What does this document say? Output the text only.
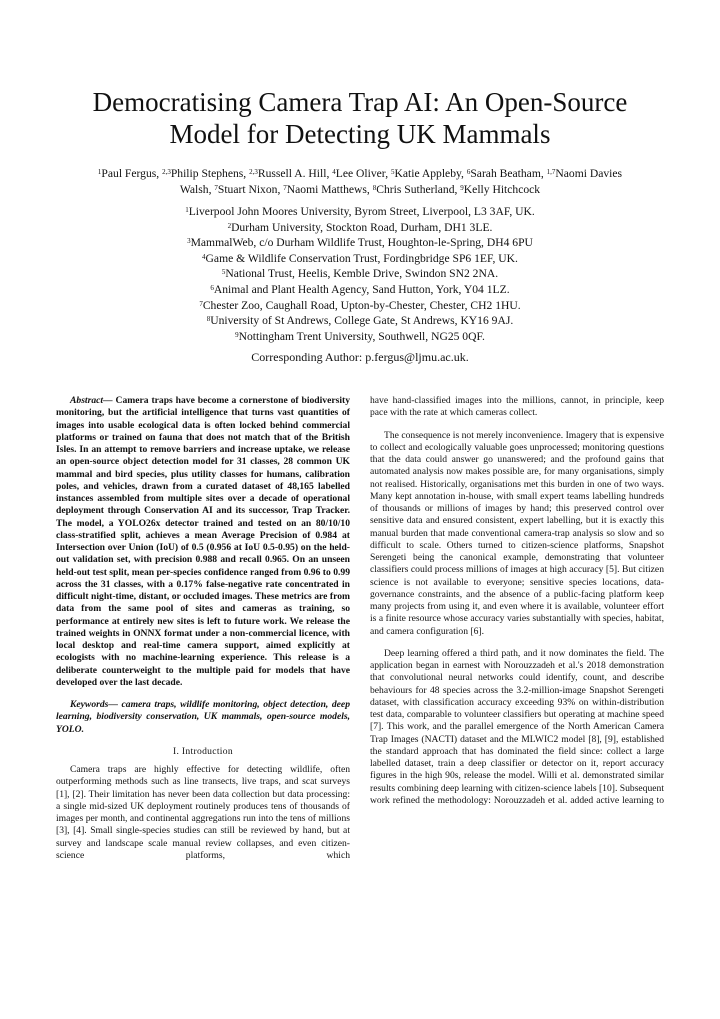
Democratising Camera Trap AI: An Open-Source
Model for Detecting UK Mammals
$^1$Paul Fergus, $^{2,3}$Philip Stephens, $^{2,3}$Russell A. Hill, $^4$Lee Oliver, $^5$Katie Appleby, $^6$Sarah Beatham, $^{1,7}$Naomi Davies
Walsh, $^7$Stuart Nixon, $^7$Naomi Matthews, $^8$Chris Sutherland, $^9$Kelly Hitchcock
$^1$Liverpool John Moores University, Byrom Street, Liverpool, L3 3AF, UK.
$^2$Durham University, Stockton Road, Durham, DH1 3LE.
$^3$MammalWeb, c/o Durham Wildlife Trust, Houghton-le-Spring, DH4 6PU
$^4$Game & Wildlife Conservation Trust, Fordingbridge SP6 1EF, UK.
$^5$National Trust, Heelis, Kemble Drive, Swindon SN2 2NA.
$^6$Animal and Plant Health Agency, Sand Hutton, York, Y04 1LZ.
$^7$Chester Zoo, Caughall Road, Upton-by-Chester, Chester, CH2 1HU.
$^8$University of St Andrews, College Gate, St Andrews, KY16 9AJ.
$^9$Nottingham Trent University, Southwell, NG25 0QF.
Corresponding Author: p.fergus@ljmu.ac.uk.

Abstract— Camera traps have become a cornerstone of biodiversity monitoring, but the artificial intelligence that turns vast quantities of images into usable ecological data is often locked behind commercial platforms or trained on fauna that does not match that of the British Isles. In an attempt to remove barriers and increase uptake, we release an open-source object detection model for 31 classes, 28 common UK mammal and bird species, plus utility classes for humans, calibration poles, and vehicles, drawn from a curated dataset of 48,165 labelled instances assembled from multiple sites over a decade of operational deployment through Conservation AI and its successor, Trap Tracker. The model, a YOLO26x detector trained and tested on an 80/10/10 class-stratified split, achieves a mean Average Precision of 0.984 at Intersection over Union (IoU) of 0.5 (0.956 at IoU 0.5-0.95) on the held-out validation set, with precision 0.988 and recall 0.965. On an unseen held-out test split, mean per-species confidence ranged from 0.96 to 0.99 across the 31 classes, with a 0.17% false-negative rate concentrated in difficult night-time, distant, or occluded images. These metrics are from data from the same pool of sites and cameras as training, so performance at entirely new sites is left to future work. We release the trained weights in ONNX format under a non-commercial licence, with local desktop and real-time camera support, aimed explicitly at ecologists with no machine-learning experience. This release is a deliberate counterweight to the multiple paid for models that have developed over the last decade.

Keywords— camera traps, wildlife monitoring, object detection, deep learning, biodiversity conservation, UK mammals, open-source models, YOLO.

I. Introduction

Camera traps are highly effective for detecting wildlife, often outperforming methods such as line transects, live traps, and scat surveys [1], [2]. Their limitation has never been data collection but data processing: a single mid-sized UK deployment routinely produces tens of thousands of images per month, and continental aggregations run into the tens of millions [3], [4]. Small single-species studies can still be reviewed by hand, but at survey and landscape scale manual review collapses, and even citizen-science platforms, which

have hand-classified images into the millions, cannot, in principle, keep pace with the rate at which cameras collect.

The consequence is not merely inconvenience. Imagery that is expensive to collect and ecologically valuable goes unprocessed; monitoring questions that the data could answer go unanswered; and the profound gains that automated analysis now makes possible are, for many organisations, simply not realised. Historically, organisations met this burden in one of two ways. Many kept annotation in-house, with small expert teams labelling hundreds of thousands or millions of images by hand; this preserved control over sensitive data and ensured consistent, expert labelling, but it is exactly this manual burden that made conventional camera-trap analysis so slow and so difficult to scale. Others turned to citizen-science platforms, Snapshot Serengeti being the canonical example, demonstrating that volunteer classifiers could process millions of images at high accuracy [5]. But citizen science is not available to everyone; sensitive species locations, data-governance constraints, and the absence of a public-facing platform keep many projects from using it, and even where it is available, volunteer effort is a finite resource whose accuracy varies substantially with species, habitat, and camera configuration [6].

Deep learning offered a third path, and it now dominates the field. The application began in earnest with Norouzzadeh et al.'s 2018 demonstration that convolutional neural networks could identify, count, and describe behaviours for 48 species across the 3.2-million-image Snapshot Serengeti dataset, with classification accuracy exceeding 93% on within-distribution test data, comparable to volunteer classifiers but operating at machine speed [7]. This work, and the parallel emergence of the North American Camera Trap Images (NACTI) dataset and the MLWIC2 model [8], [9], established the standard approach that has dominated the field since: collect a large labelled dataset, train a deep classifier or detector on it, report accuracy figures in the high 90s, release the model. Willi et al. demonstrated similar results combining deep learning with citizen-science labels [10]. Subsequent work refined the methodology: Norouzzadeh et al. added active learning to
